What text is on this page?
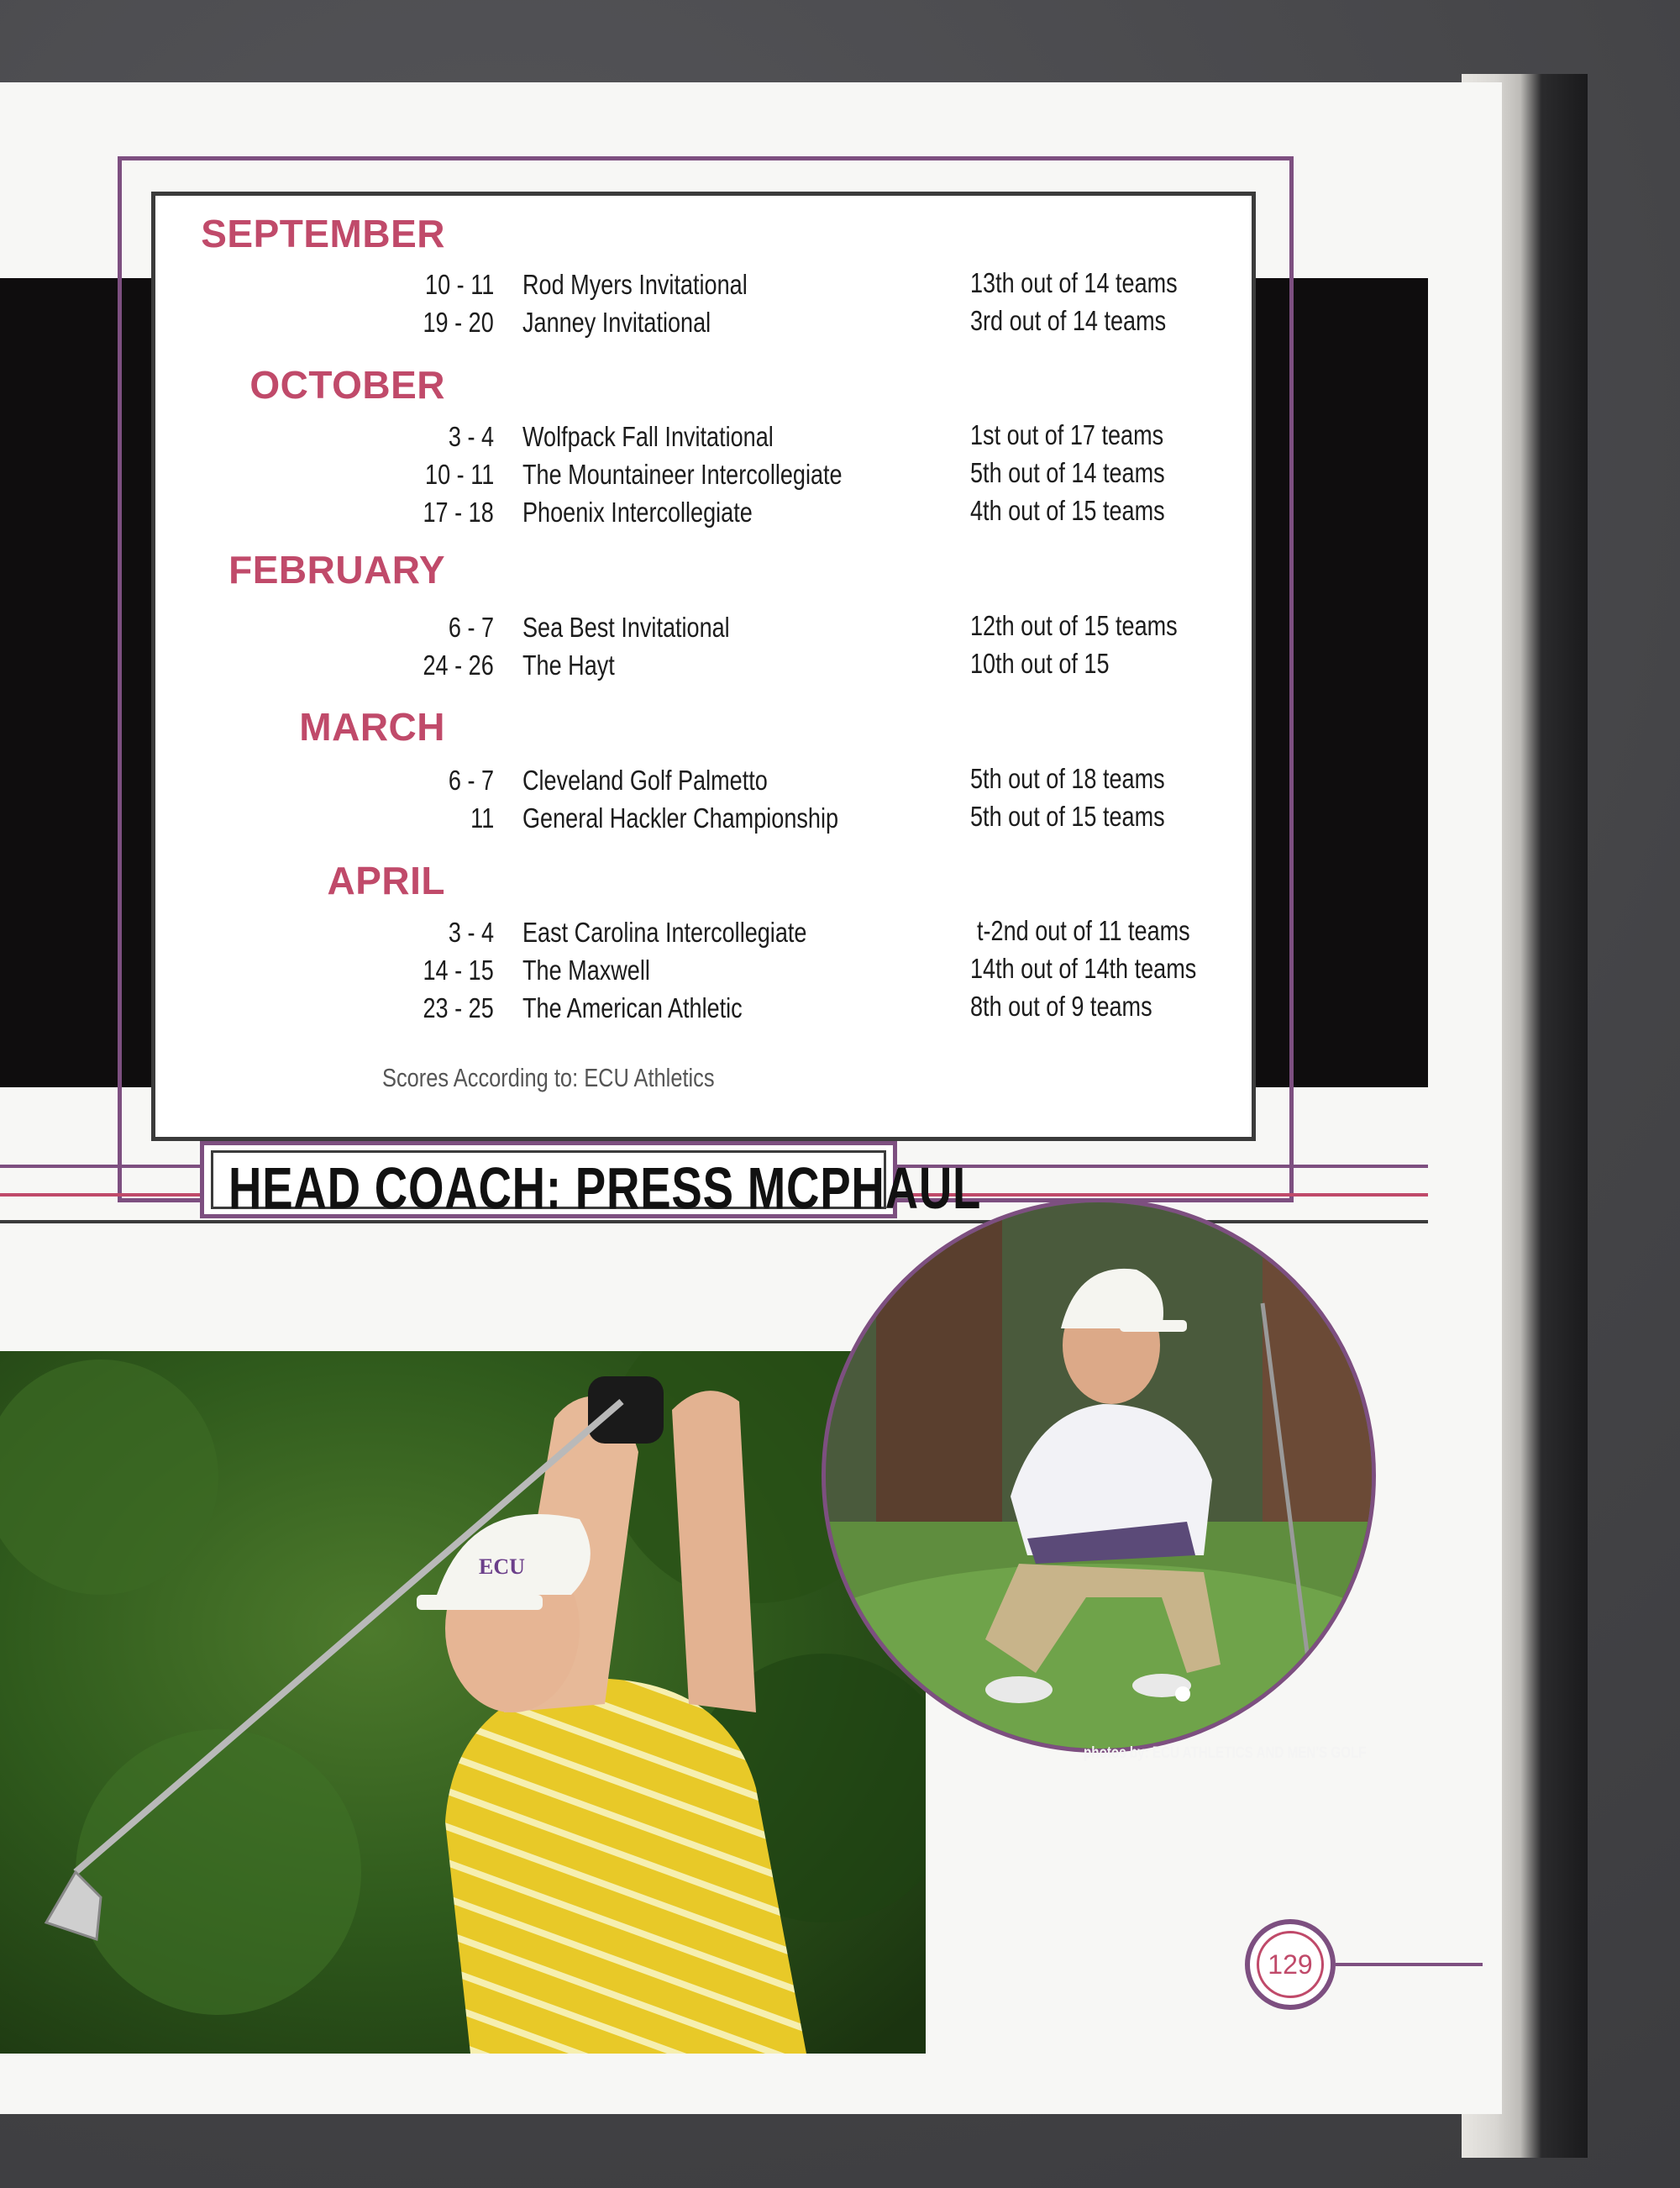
SEPTEMBER
10 - 11 Rod Myers Invitational	13th out of 14 teams
19 - 20 Janney Invitational	3rd out of 14 teams
OCTOBER
3 - 4 Wolfpack Fall Invitational	1st out of 17 teams
10 - 11 The Mountaineer Intercollegiate	5th out of 14 teams
17 - 18 Phoenix Intercollegiate	4th out of 15 teams
FEBRUARY
6 - 7 Sea Best Invitational	12th out of 15 teams
24 - 26 The Hayt	10th out of 15
MARCH
6 - 7 Cleveland Golf Palmetto	5th out of 18 teams
11 General Hackler Championship	5th out of 15 teams
APRIL
3 - 4 East Carolina Intercollegiate	t-2nd out of 11 teams
14 - 15 The Maxwell	14th out of 14th teams
23 - 25 The American Athletic	8th out of 9 teams
Scores According to: ECU Athletics
HEAD COACH: PRESS MCPHAUL
ECU
photos by: ECU ATHLETICS AND MEN'S GOLF
129
